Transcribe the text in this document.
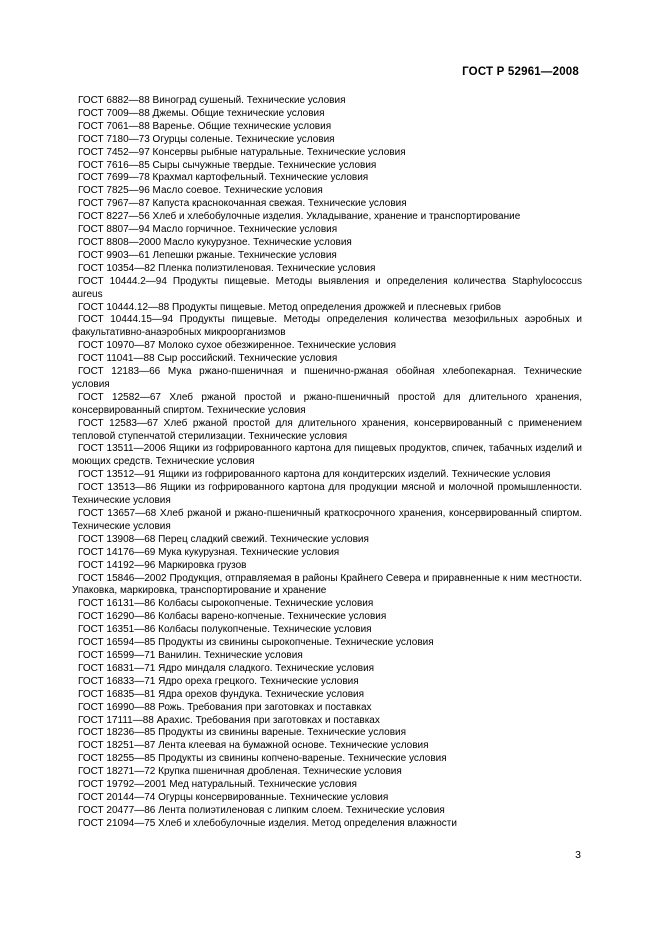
ГОСТ Р 52961—2008

ГОСТ 6882—88 Виноград сушеный. Технические условия

ГОСТ 7009—88 Джемы. Общие технические условия

ГОСТ 7061—88 Варенье. Общие технические условия

ГОСТ 7180—73 Огурцы соленые. Технические условия

ГОСТ 7452—97 Консервы рыбные натуральные. Технические условия

ГОСТ 7616—85 Сыры сычужные твердые. Технические условия

ГОСТ 7699—78 Крахмал картофельный. Технические условия

ГОСТ 7825—96 Масло соевое. Технические условия

ГОСТ 7967—87 Капуста краснокочанная свежая. Технические условия

ГОСТ 8227—56 Хлеб и хлебобулочные изделия. Укладывание, хранение и транспортирование

ГОСТ 8807—94 Масло горчичное. Технические условия

ГОСТ 8808—2000 Масло кукурузное. Технические условия

ГОСТ 9903—61 Лепешки ржаные. Технические условия

ГОСТ 10354—82 Пленка полиэтиленовая. Технические условия

ГОСТ 10444.2—94 Продукты пищевые. Методы выявления и определения количества Staphylococcus aureus

ГОСТ 10444.12—88 Продукты пищевые. Метод определения дрожжей и плесневых грибов

ГОСТ 10444.15—94 Продукты пищевые. Методы определения количества мезофильных аэробных и факультативно-анаэробных микроорганизмов

ГОСТ 10970—87 Молоко сухое обезжиренное. Технические условия

ГОСТ 11041—88 Сыр российский. Технические условия

ГОСТ 12183—66 Мука ржано-пшеничная и пшенично-ржаная обойная хлебопекарная. Технические условия

ГОСТ 12582—67 Хлеб ржаной простой и ржано-пшеничный простой для длительного хранения, консервированный спиртом. Технические условия

ГОСТ 12583—67 Хлеб ржаной простой для длительного хранения, консервированный с применением тепловой ступенчатой стерилизации. Технические условия

ГОСТ 13511—2006 Ящики из гофрированного картона для пищевых продуктов, спичек, табачных изделий и моющих средств. Технические условия

ГОСТ 13512—91 Ящики из гофрированного картона для кондитерских изделий. Технические условия

ГОСТ 13513—86 Ящики из гофрированного картона для продукции мясной и молочной промышленности. Технические условия

ГОСТ 13657—68 Хлеб ржаной и ржано-пшеничный краткосрочного хранения, консервированный спиртом. Технические условия

ГОСТ 13908—68 Перец сладкий свежий. Технические условия

ГОСТ 14176—69 Мука кукурузная. Технические условия

ГОСТ 14192—96 Маркировка грузов

ГОСТ 15846—2002 Продукция, отправляемая в районы Крайнего Севера и приравненные к ним местности. Упаковка, маркировка, транспортирование и хранение

ГОСТ 16131—86 Колбасы сырокопченые. Технические условия

ГОСТ 16290—86 Колбасы варено-копченые. Технические условия

ГОСТ 16351—86 Колбасы полукопченые. Технические условия

ГОСТ 16594—85 Продукты из свинины сырокопченые. Технические условия

ГОСТ 16599—71 Ванилин. Технические условия

ГОСТ 16831—71 Ядро миндаля сладкого. Технические условия

ГОСТ 16833—71 Ядро ореха грецкого. Технические условия

ГОСТ 16835—81 Ядра орехов фундука. Технические условия

ГОСТ 16990—88 Рожь. Требования при заготовках и поставках

ГОСТ 17111—88 Арахис. Требования при заготовках и поставках

ГОСТ 18236—85 Продукты из свинины вареные. Технические условия

ГОСТ 18251—87 Лента клеевая на бумажной основе. Технические условия

ГОСТ 18255—85 Продукты из свинины копчено-вареные. Технические условия

ГОСТ 18271—72 Крупка пшеничная дробленая. Технические условия

ГОСТ 19792—2001 Мед натуральный. Технические условия

ГОСТ 20144—74 Огурцы консервированные. Технические условия

ГОСТ 20477—86 Лента полиэтиленовая с липким слоем. Технические условия

ГОСТ 21094—75 Хлеб и хлебобулочные изделия. Метод определения влажности

3
